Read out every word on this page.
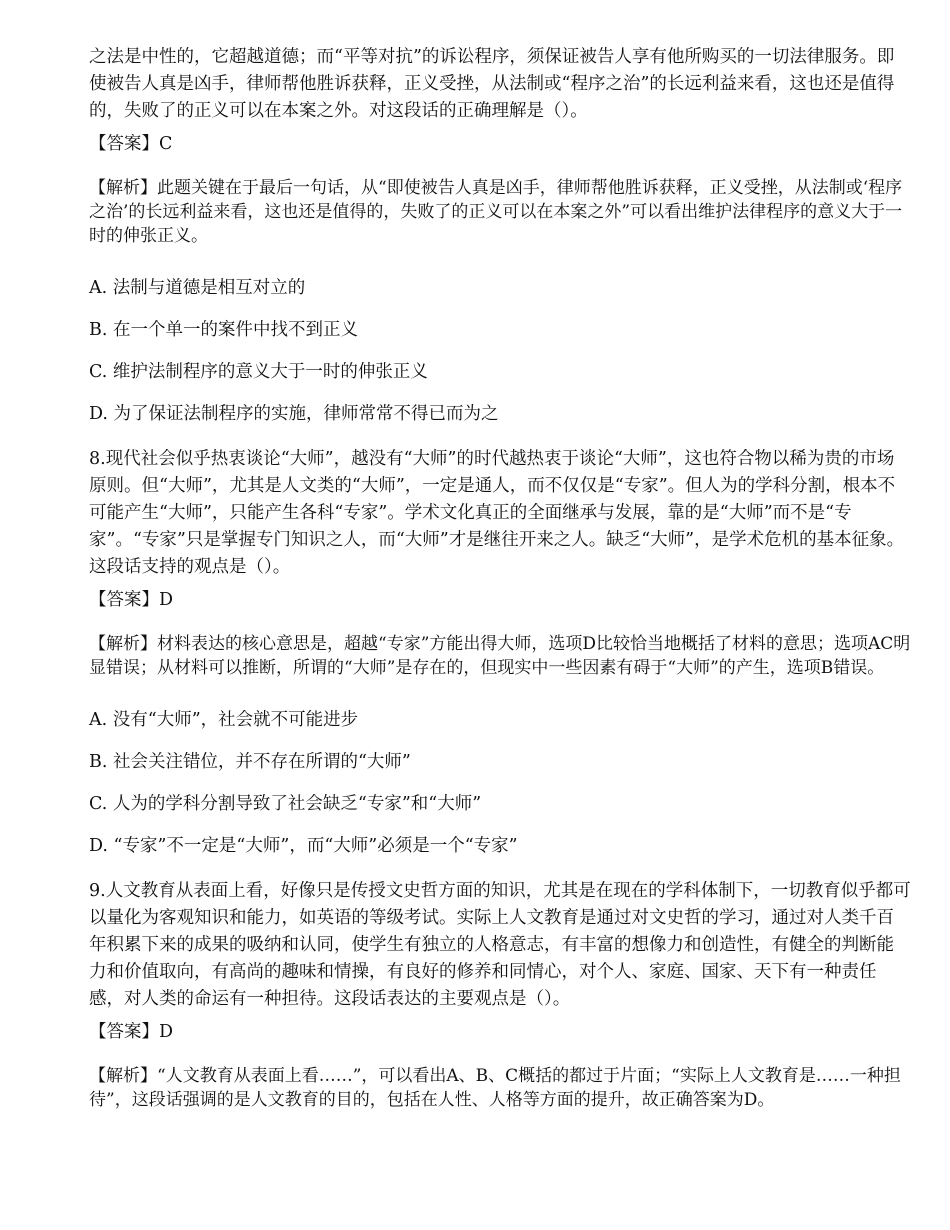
之法是中性的，它超越道德；而“平等对抗”的诉讼程序，须保证被告人享有他所购买的一切法律服务。即使被告人真是凶手，律师帮他胜诉获释，正义受挫，从法制或“程序之治”的长远利益来看，这也还是值得的，失败了的正义可以在本案之外。对这段话的正确理解是（）。

【答案】C

【解析】此题关键在于最后一句话，从“即使被告人真是凶手，律师帮他胜诉获释，正义受挫，从法制或‘程序之治’的长远利益来看，这也还是值得的，失败了的正义可以在本案之外”可以看出维护法律程序的意义大于一时的伸张正义。

A. 法制与道德是相互对立的

B. 在一个单一的案件中找不到正义

C. 维护法制程序的意义大于一时的伸张正义

D. 为了保证法制程序的实施，律师常常不得已而为之

8.现代社会似乎热衷谈论“大师”，越没有“大师”的时代越热衷于谈论“大师”，这也符合物以稀为贵的市场原则。但“大师”，尤其是人文类的“大师”，一定是通人，而不仅仅是“专家”。但人为的学科分割，根本不可能产生“大师”，只能产生各科“专家”。学术文化真正的全面继承与发展，靠的是“大师”而不是“专家”。“专家”只是掌握专门知识之人，而“大师”才是继往开来之人。缺乏“大师”，是学术危机的基本征象。这段话支持的观点是（）。

【答案】D

【解析】材料表达的核心意思是，超越“专家”方能出得大师，选项D比较恰当地概括了材料的意思；选项AC明显错误；从材料可以推断，所谓的“大师”是存在的，但现实中一些因素有碍于“大师”的产生，选项B错误。

A. 没有“大师”，社会就不可能进步

B. 社会关注错位，并不存在所谓的“大师”

C. 人为的学科分割导致了社会缺乏“专家”和“大师”

D. “专家”不一定是“大师”，而“大师”必须是一个“专家”

9.人文教育从表面上看，好像只是传授文史哲方面的知识，尤其是在现在的学科体制下，一切教育似乎都可以量化为客观知识和能力，如英语的等级考试。实际上人文教育是通过对文史哲的学习，通过对人类千百年积累下来的成果的吸纳和认同，使学生有独立的人格意志，有丰富的想像力和创造性，有健全的判断能力和价值取向，有高尚的趣味和情操，有良好的修养和同情心，对个人、家庭、国家、天下有一种责任感，对人类的命运有一种担待。这段话表达的主要观点是（）。

【答案】D

【解析】“人文教育从表面上看……”，可以看出A、B、C概括的都过于片面；“实际上人文教育是……一种担待”，这段话强调的是人文教育的目的，包括在人性、人格等方面的提升，故正确答案为D。
